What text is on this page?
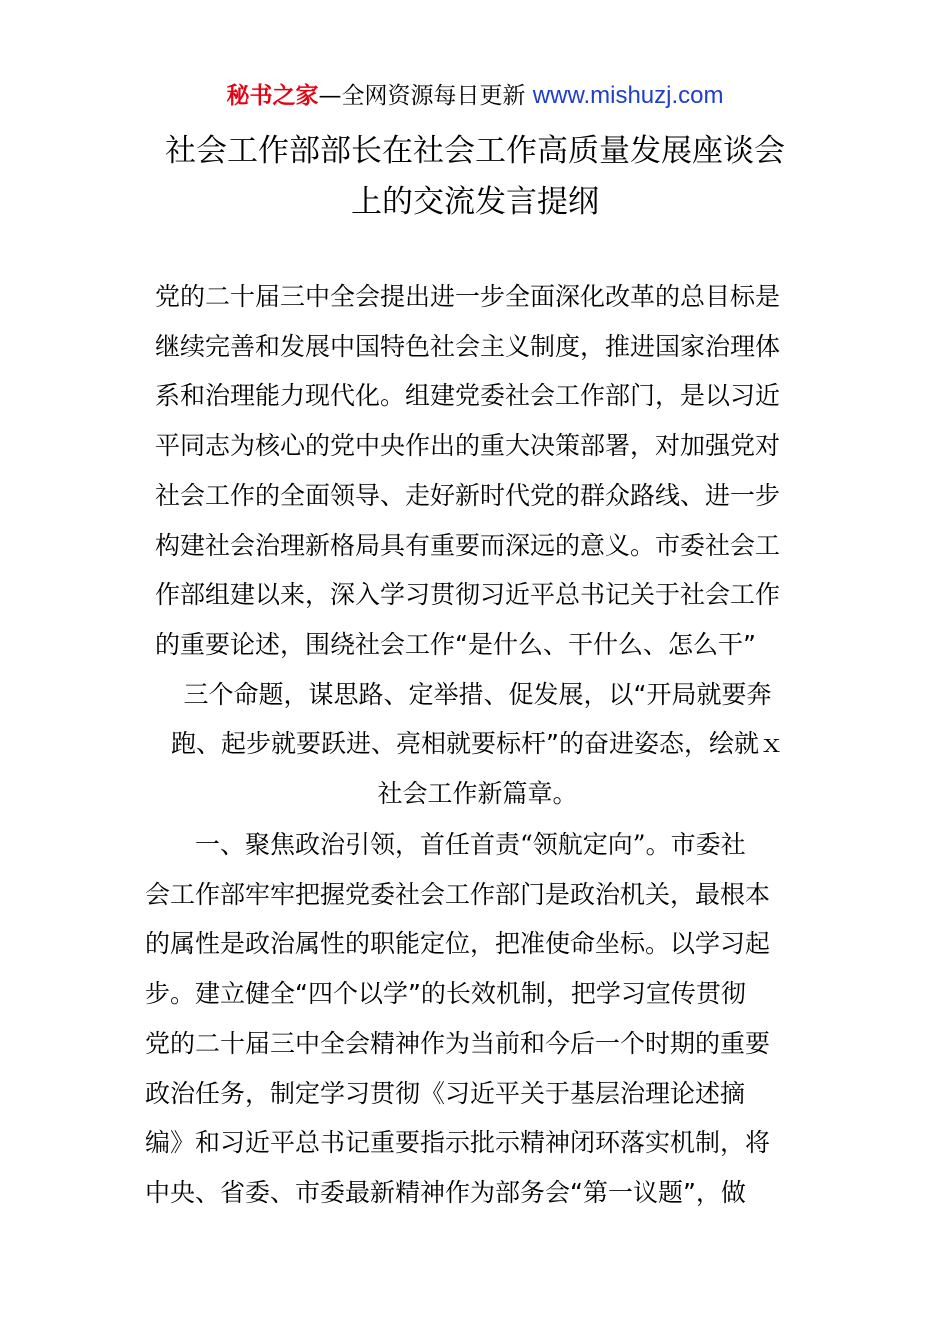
秘书之家—全网资源每日更新 www.mishuzj.com
社会工作部部长在社会工作高质量发展座谈会
上的交流发言提纲
党的二十届三中全会提出进一步全面深化改革的总目标是
继续完善和发展中国特色社会主义制度，推进国家治理体
系和治理能力现代化。组建党委社会工作部门，是以习近
平同志为核心的党中央作出的重大决策部署，对加强党对
社会工作的全面领导、走好新时代党的群众路线、进一步
构建社会治理新格局具有重要而深远的意义。市委社会工
作部组建以来，深入学习贯彻习近平总书记关于社会工作
的重要论述，围绕社会工作“是什么、干什么、怎么干”
三个命题，谋思路、定举措、促发展，以“开局就要奔
跑、起步就要跃进、亮相就要标杆”的奋进姿态，绘就ｘ
社会工作新篇章。
　　一、聚焦政治引领，首任首责“领航定向”。市委社
会工作部牢牢把握党委社会工作部门是政治机关，最根本
的属性是政治属性的职能定位，把准使命坐标。以学习起
步。建立健全“四个以学”的长效机制，把学习宣传贯彻
党的二十届三中全会精神作为当前和今后一个时期的重要
政治任务，制定学习贯彻《习近平关于基层治理论述摘
编》和习近平总书记重要指示批示精神闭环落实机制，将
中央、省委、市委最新精神作为部务会“第一议题”，做
